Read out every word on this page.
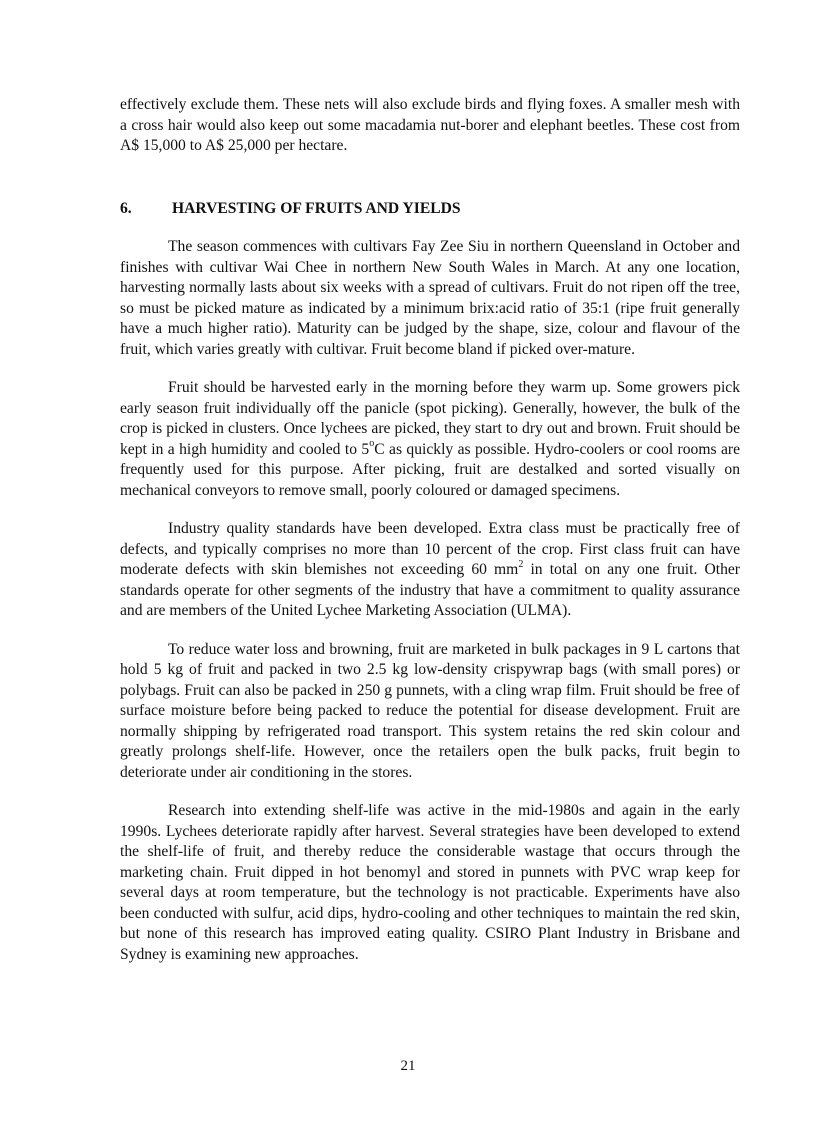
effectively exclude them. These nets will also exclude birds and flying foxes. A smaller mesh with a cross hair would also keep out some macadamia nut-borer and elephant beetles. These cost from A$ 15,000 to A$ 25,000 per hectare.

6.	HARVESTING OF FRUITS AND YIELDS

The season commences with cultivars Fay Zee Siu in northern Queensland in October and finishes with cultivar Wai Chee in northern New South Wales in March. At any one location, harvesting normally lasts about six weeks with a spread of cultivars. Fruit do not ripen off the tree, so must be picked mature as indicated by a minimum brix:acid ratio of 35:1 (ripe fruit generally have a much higher ratio). Maturity can be judged by the shape, size, colour and flavour of the fruit, which varies greatly with cultivar. Fruit become bland if picked over-mature.

Fruit should be harvested early in the morning before they warm up. Some growers pick early season fruit individually off the panicle (spot picking). Generally, however, the bulk of the crop is picked in clusters. Once lychees are picked, they start to dry out and brown. Fruit should be kept in a high humidity and cooled to 5$^o$C as quickly as possible. Hydro-coolers or cool rooms are frequently used for this purpose. After picking, fruit are destalked and sorted visually on mechanical conveyors to remove small, poorly coloured or damaged specimens.

Industry quality standards have been developed. Extra class must be practically free of defects, and typically comprises no more than 10 percent of the crop. First class fruit can have moderate defects with skin blemishes not exceeding 60 $mm^2$ in total on any one fruit. Other standards operate for other segments of the industry that have a commitment to quality assurance and are members of the United Lychee Marketing Association (ULMA).

To reduce water loss and browning, fruit are marketed in bulk packages in 9 L cartons that hold 5 kg of fruit and packed in two 2.5 kg low-density crispywrap bags (with small pores) or polybags. Fruit can also be packed in 250 g punnets, with a cling wrap film. Fruit should be free of surface moisture before being packed to reduce the potential for disease development. Fruit are normally shipping by refrigerated road transport. This system retains the red skin colour and greatly prolongs shelf-life. However, once the retailers open the bulk packs, fruit begin to deteriorate under air conditioning in the stores.

Research into extending shelf-life was active in the mid-1980s and again in the early 1990s. Lychees deteriorate rapidly after harvest. Several strategies have been developed to extend the shelf-life of fruit, and thereby reduce the considerable wastage that occurs through the marketing chain. Fruit dipped in hot benomyl and stored in punnets with PVC wrap keep for several days at room temperature, but the technology is not practicable. Experiments have also been conducted with sulfur, acid dips, hydro-cooling and other techniques to maintain the red skin, but none of this research has improved eating quality. CSIRO Plant Industry in Brisbane and Sydney is examining new approaches.

21
